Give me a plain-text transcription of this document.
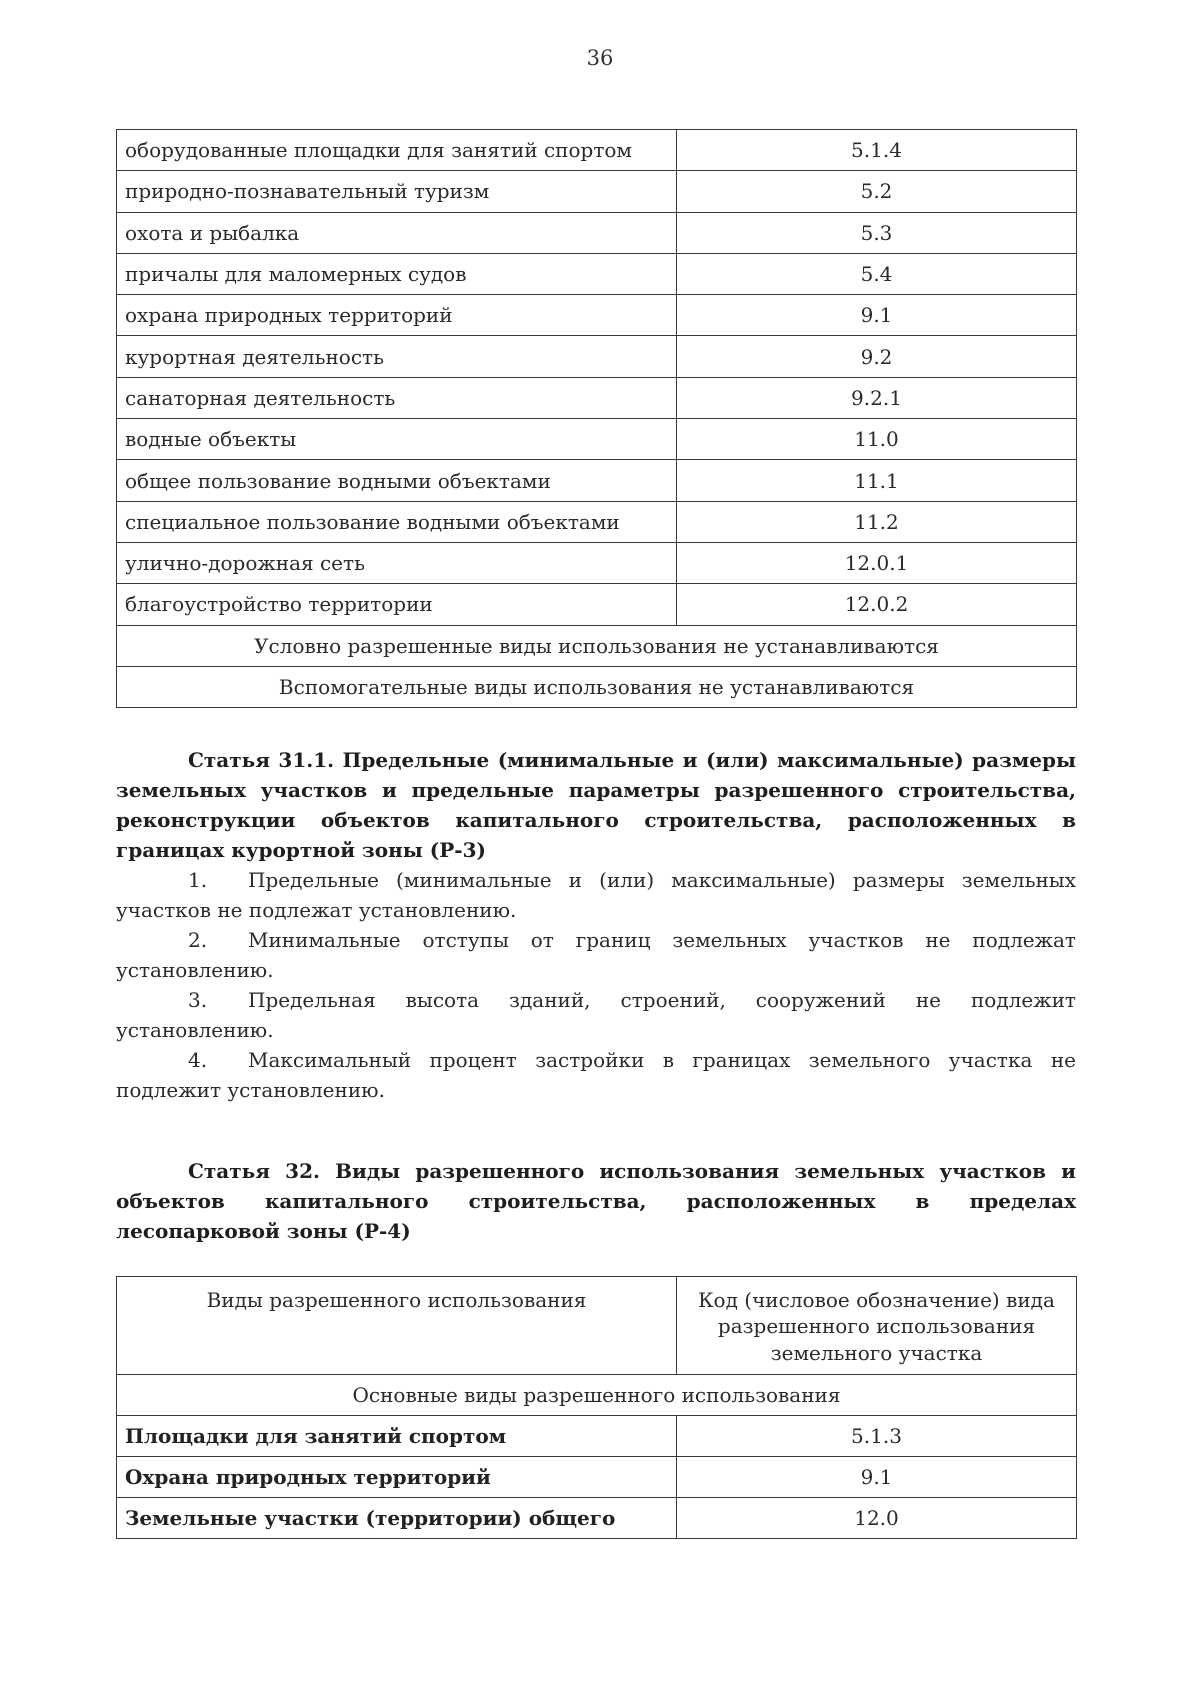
36
оборудованные площадки для занятий спортом	5.1.4
природно-познавательный туризм	5.2
охота и рыбалка	5.3
причалы для маломерных судов	5.4
охрана природных территорий	9.1
курортная деятельность	9.2
санаторная деятельность	9.2.1
водные объекты	11.0
общее пользование водными объектами	11.1
специальное пользование водными объектами	11.2
улично-дорожная сеть	12.0.1
благоустройство территории	12.0.2
Условно разрешенные виды использования не устанавливаются	
Вспомогательные виды использования не устанавливаются	
Статья 31.1. Предельные (минимальные и (или) максимальные) размеры земельных участков и предельные параметры разрешенного строительства, реконструкции объектов капитального строительства, расположенных в границах курортной зоны (Р-3)

1. Предельные (минимальные и (или) максимальные) размеры земельных участков не подлежат установлению.

2. Минимальные отступы от границ земельных участков не подлежат установлению.

3. Предельная высота зданий, строений, сооружений не подлежит установлению.

4. Максимальный процент застройки в границах земельного участка не подлежит установлению.

Статья 32. Виды разрешенного использования земельных участков и объектов капитального строительства, расположенных в пределах лесопарковой зоны (Р-4)
Виды разрешенного использования	Код (числовое обозначение) вида разрешенного использования земельного участка
Основные виды разрешенного использования	
Площадки для занятий спортом	5.1.3
Охрана природных территорий	9.1
Земельные участки (территории) общего	12.0
